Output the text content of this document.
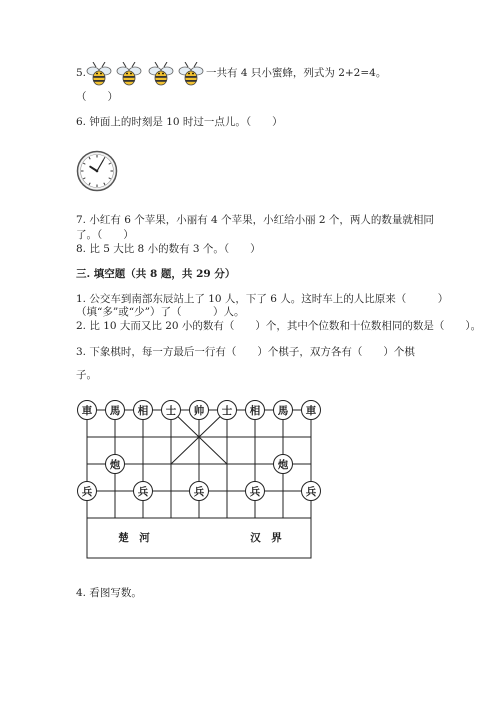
5.	一共有 4 只小蜜蜂，列式为 2+2=4。
（　　）
6. 钟面上的时刻是 10 时过一点儿。（　　）
7. 小红有 6 个苹果，小丽有 4 个苹果，小红给小丽 2 个，两人的数量就相同
了。（　　）
8. 比 5 大比 8 小的数有 3 个。（　　）
三. 填空题（共 8 题，共 29 分）
1. 公交车到南部东辰站上了 10 人，下了 6 人。这时车上的人比原来（　　　）
（填“多”或“少”）了（　　　）人。
2. 比 10 大而又比 20 小的数有（　　）个，其中个位数和十位数相同的数是（　　）。
3. 下象棋时，每一方最后一行有（　　）个棋子，双方各有（　　）个棋
子。
車 馬 相 士 帅 士 相 馬 車
炮	炮
兵	兵	兵	兵	兵
楚　河	汉　界
4. 看图写数。
